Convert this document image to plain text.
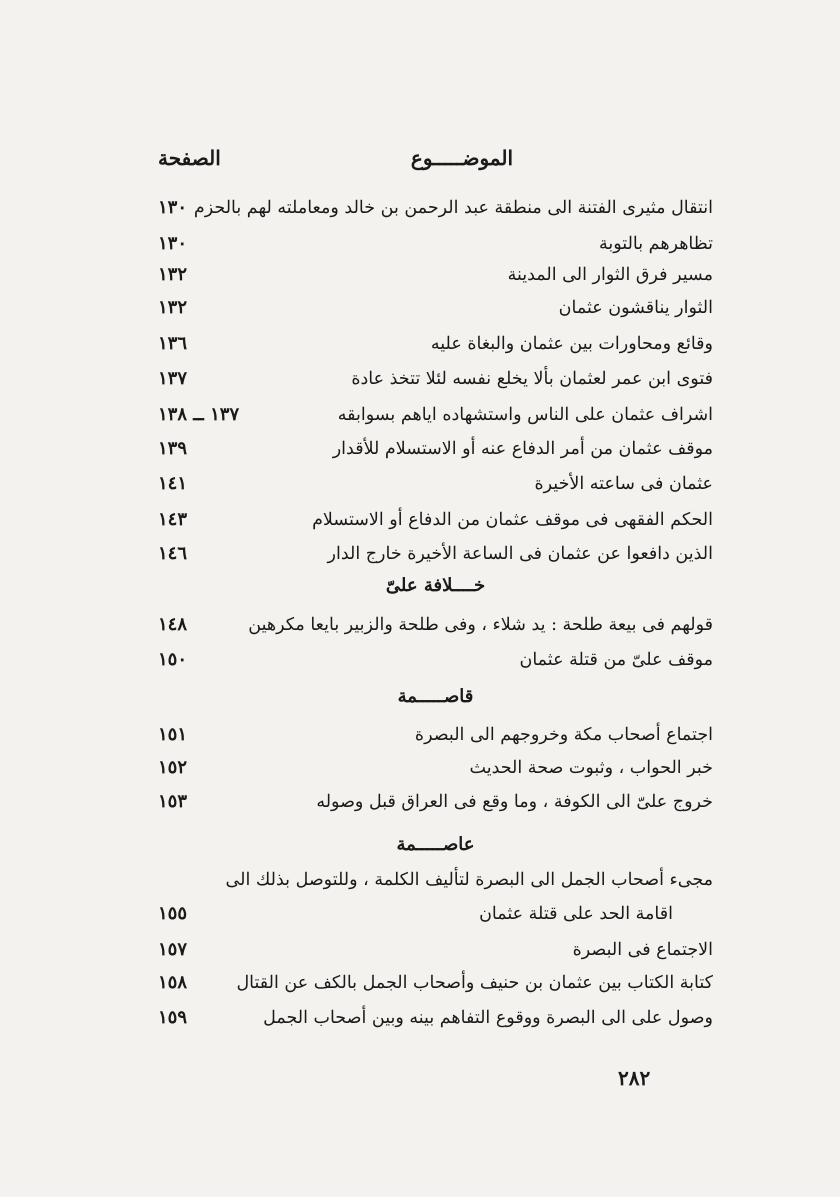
الموضـــــوع
الصفحة
انتقال مثيرى الفتنة الى منطقة عبد الرحمن بن خالد ومعاملته لهم بالحزم
١٣٠
تظاهرهم بالتوبة
١٣٠
مسير فرق الثوار الى المدينة
١٣٢
الثوار يناقشون عثمان
١٣٢
وقائع ومحاورات بين عثمان والبغاة عليه
١٣٦
فتوى ابن عمر لعثمان بألا يخلع نفسه لئلا تتخذ عادة
١٣٧
اشراف عثمان على الناس واستشهاده اياهم بسوابقه
١٣٧ ــ ١٣٨
موقف عثمان من أمر الدفاع عنه أو الاستسلام للأقدار
١٣٩
عثمان فى ساعته الأخيرة
١٤١
الحكم الفقهى فى موقف عثمان من الدفاع أو الاستسلام
١٤٣
الذين دافعوا عن عثمان فى الساعة الأخيرة خارج الدار
١٤٦
خــــلافة علىّ
قولهم فى بيعة طلحة : يد شلاء ، وفى طلحة والزبير بايعا مكرهين
١٤٨
موقف علىّ من قتلة عثمان
١٥٠
قاصـــــمة
اجتماع أصحاب مكة وخروجهم الى البصرة
١٥١
خبر الحواب ، وثبوت صحة الحديث
١٥٢
خروج علىّ الى الكوفة ، وما وقع فى العراق قبل وصوله
١٥٣
عاصـــــمة
مجىء أصحاب الجمل الى البصرة لتأليف الكلمة ، وللتوصل بذلك الى
اقامة الحد على قتلة عثمان
١٥٥
الاجتماع فى البصرة
١٥٧
كتابة الكتاب بين عثمان بن حنيف وأصحاب الجمل بالكف عن القتال
١٥٨
وصول على الى البصرة ووقوع التفاهم بينه وبين أصحاب الجمل
١٥٩
٢٨٢
